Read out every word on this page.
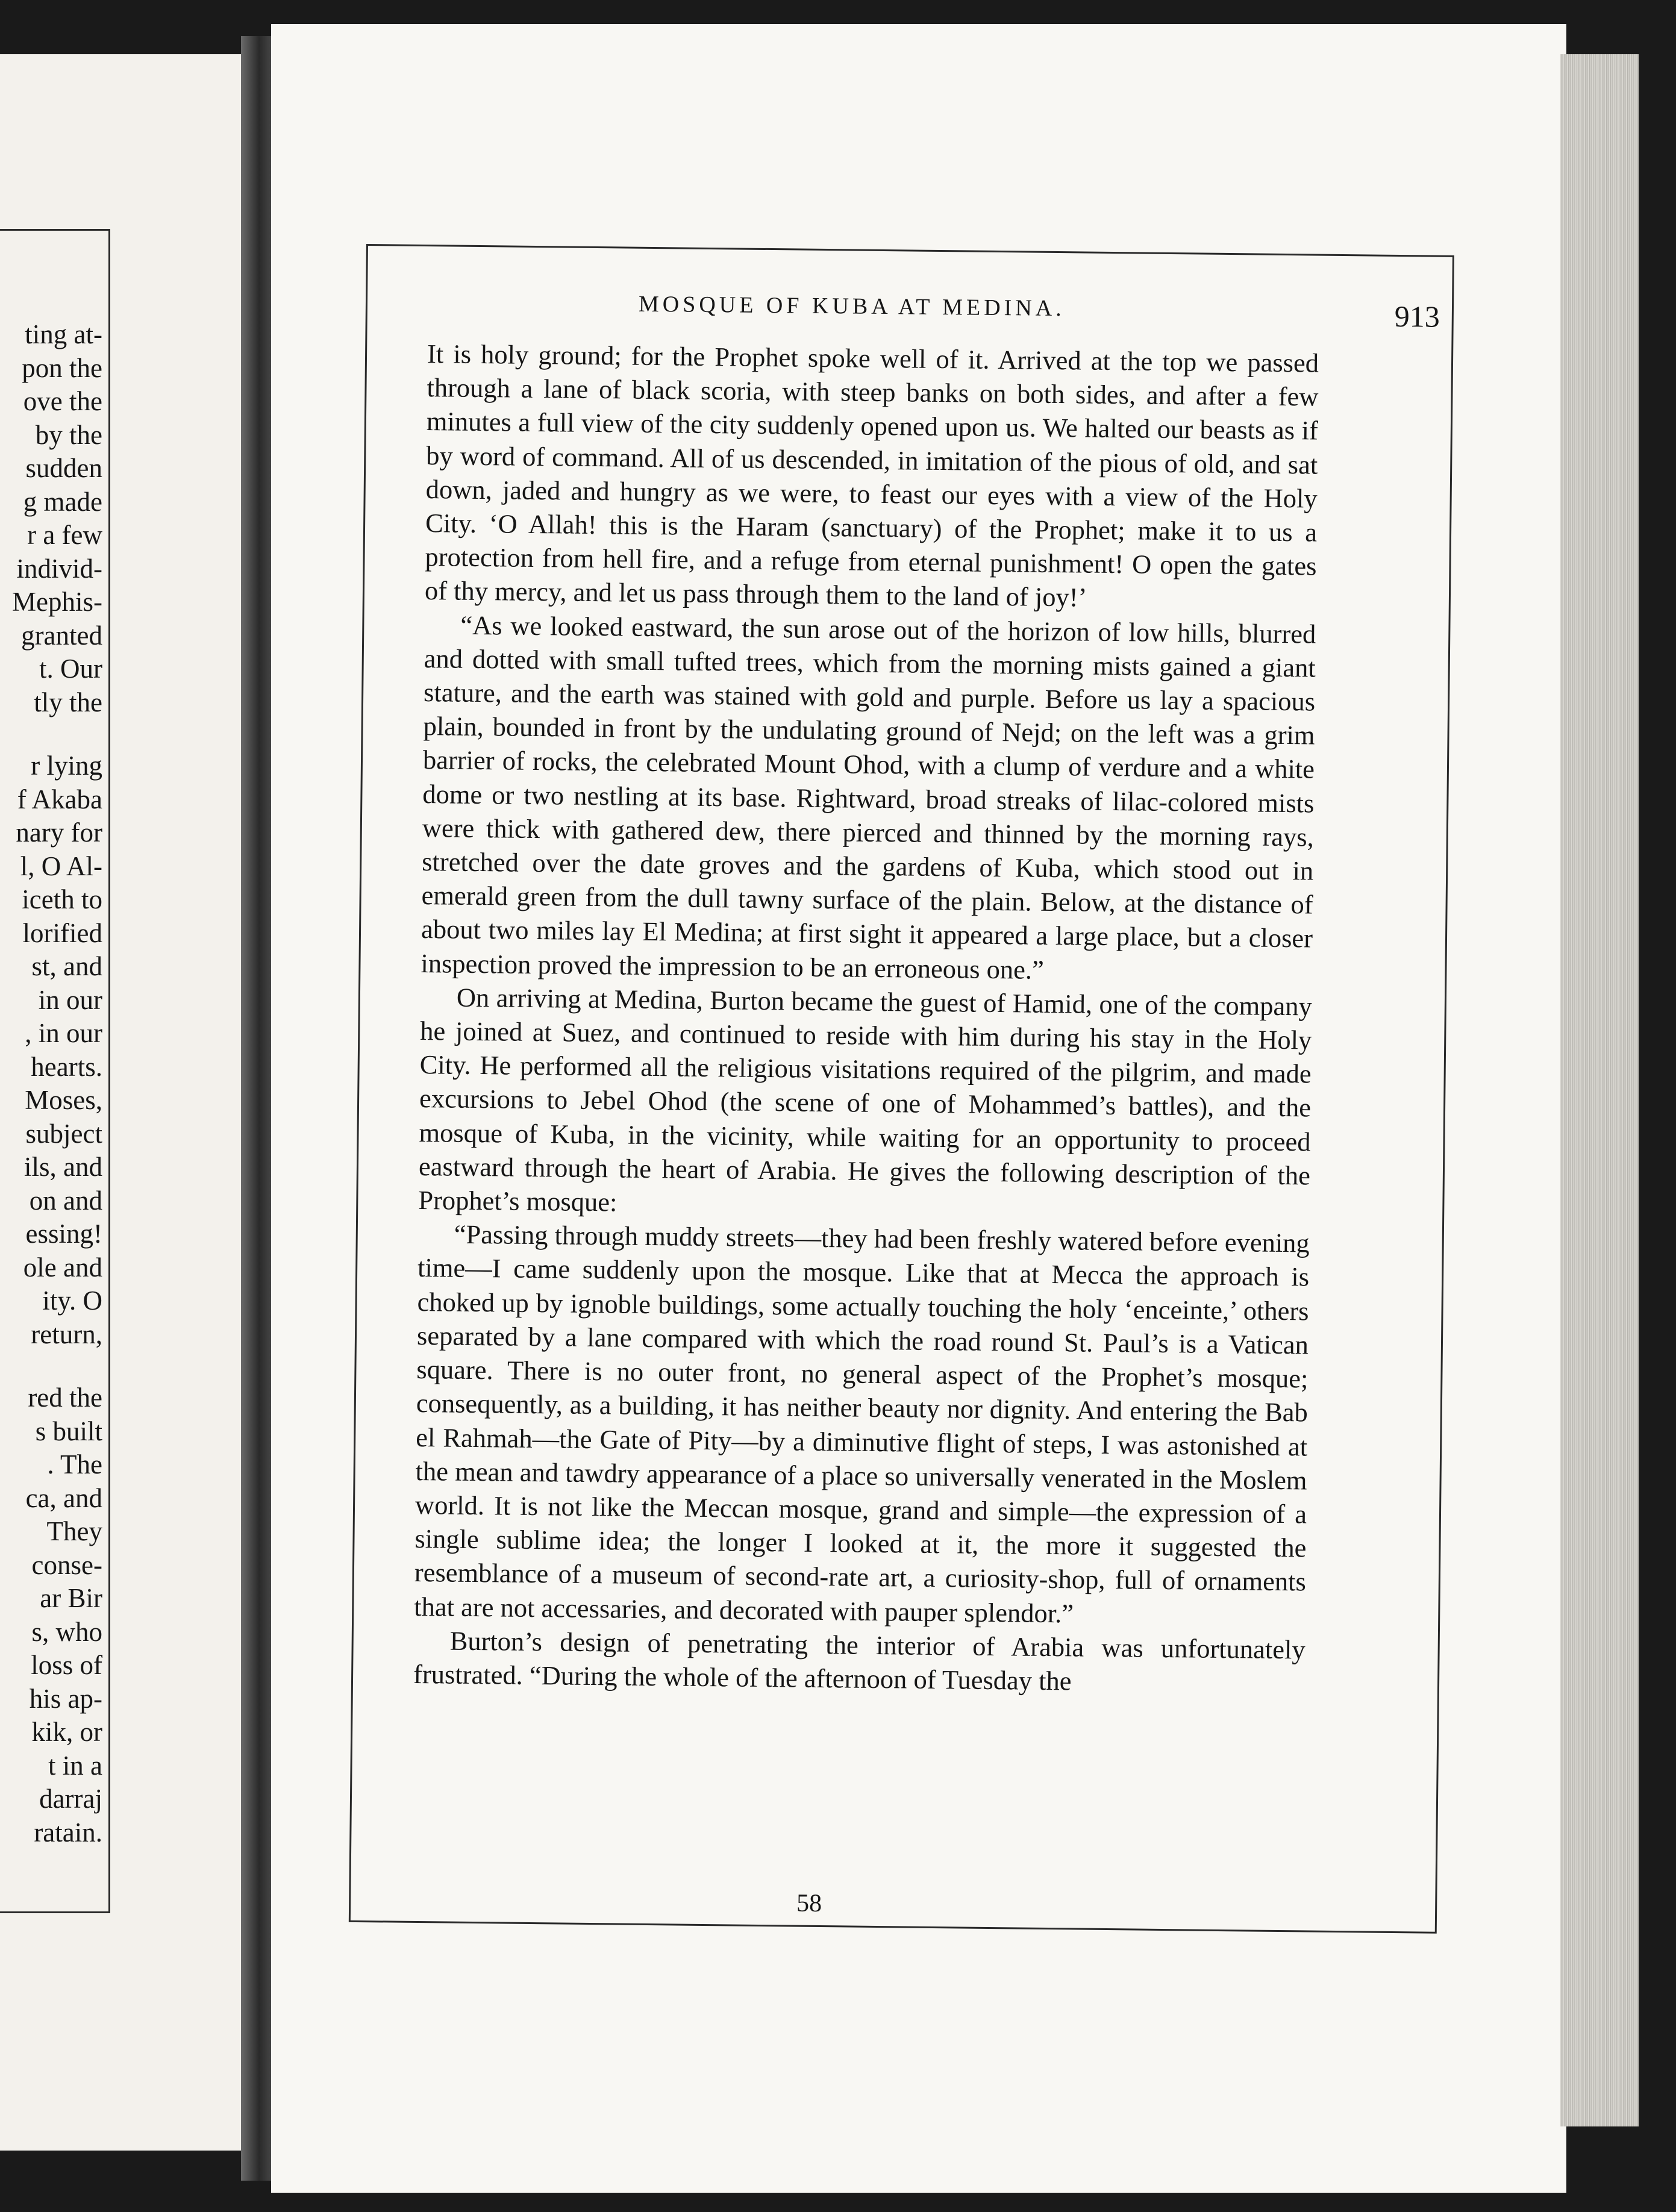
ting at-
pon the
ove the
by the
sudden
g made
r a few
individ-
Mephis-
granted
t. Our
tly the
r lying
f Akaba
nary for
l, O Al-
iceth to
lorified
st, and
in our
, in our
hearts.
Moses,
subject
ils, and
on and
essing!
ole and
ity. O
return,
red the
s built
. The
ca, and
They
conse-
ar Bir
s, who
loss of
his ap-
kik, or
t in a
darraj
ratain.
MOSQUE OF KUBA AT MEDINA.	913

It is holy ground; for the Prophet spoke well of it. Arrived at the top we passed through a lane of black scoria, with steep banks on both sides, and after a few minutes a full view of the city suddenly opened upon us. We halted our beasts as if by word of command. All of us descended, in imitation of the pious of old, and sat down, jaded and hungry as we were, to feast our eyes with a view of the Holy City. ‘O Allah! this is the Haram (sanctuary) of the Prophet; make it to us a protection from hell fire, and a refuge from eternal punishment! O open the gates of thy mercy, and let us pass through them to the land of joy!’

“As we looked eastward, the sun arose out of the horizon of low hills, blurred and dotted with small tufted trees, which from the morning mists gained a giant stature, and the earth was stained with gold and purple. Before us lay a spacious plain, bounded in front by the undulating ground of Nejd; on the left was a grim barrier of rocks, the celebrated Mount Ohod, with a clump of verdure and a white dome or two nestling at its base. Rightward, broad streaks of lilac-colored mists were thick with gathered dew, there pierced and thinned by the morning rays, stretched over the date groves and the gardens of Kuba, which stood out in emerald green from the dull tawny surface of the plain. Below, at the distance of about two miles lay El Medina; at first sight it appeared a large place, but a closer inspection proved the impression to be an erroneous one.”

On arriving at Medina, Burton became the guest of Hamid, one of the company he joined at Suez, and continued to reside with him during his stay in the Holy City. He performed all the religious visitations required of the pilgrim, and made excursions to Jebel Ohod (the scene of one of Mohammed’s battles), and the mosque of Kuba, in the vicinity, while waiting for an opportunity to proceed eastward through the heart of Arabia. He gives the following description of the Prophet’s mosque:

“Passing through muddy streets—they had been freshly watered before evening time—I came suddenly upon the mosque. Like that at Mecca the approach is choked up by ignoble buildings, some actually touching the holy ‘enceinte,’ others separated by a lane compared with which the road round St. Paul’s is a Vatican square. There is no outer front, no general aspect of the Prophet’s mosque; consequently, as a building, it has neither beauty nor dignity. And entering the Bab el Rahmah—the Gate of Pity—by a diminutive flight of steps, I was astonished at the mean and tawdry appearance of a place so universally venerated in the Moslem world. It is not like the Meccan mosque, grand and simple—the expression of a single sublime idea; the longer I looked at it, the more it suggested the resemblance of a museum of second-rate art, a curiosity-shop, full of ornaments that are not accessaries, and decorated with pauper splendor.”

Burton’s design of penetrating the interior of Arabia was unfortunately frustrated. “During the whole of the afternoon of Tuesday the

58
